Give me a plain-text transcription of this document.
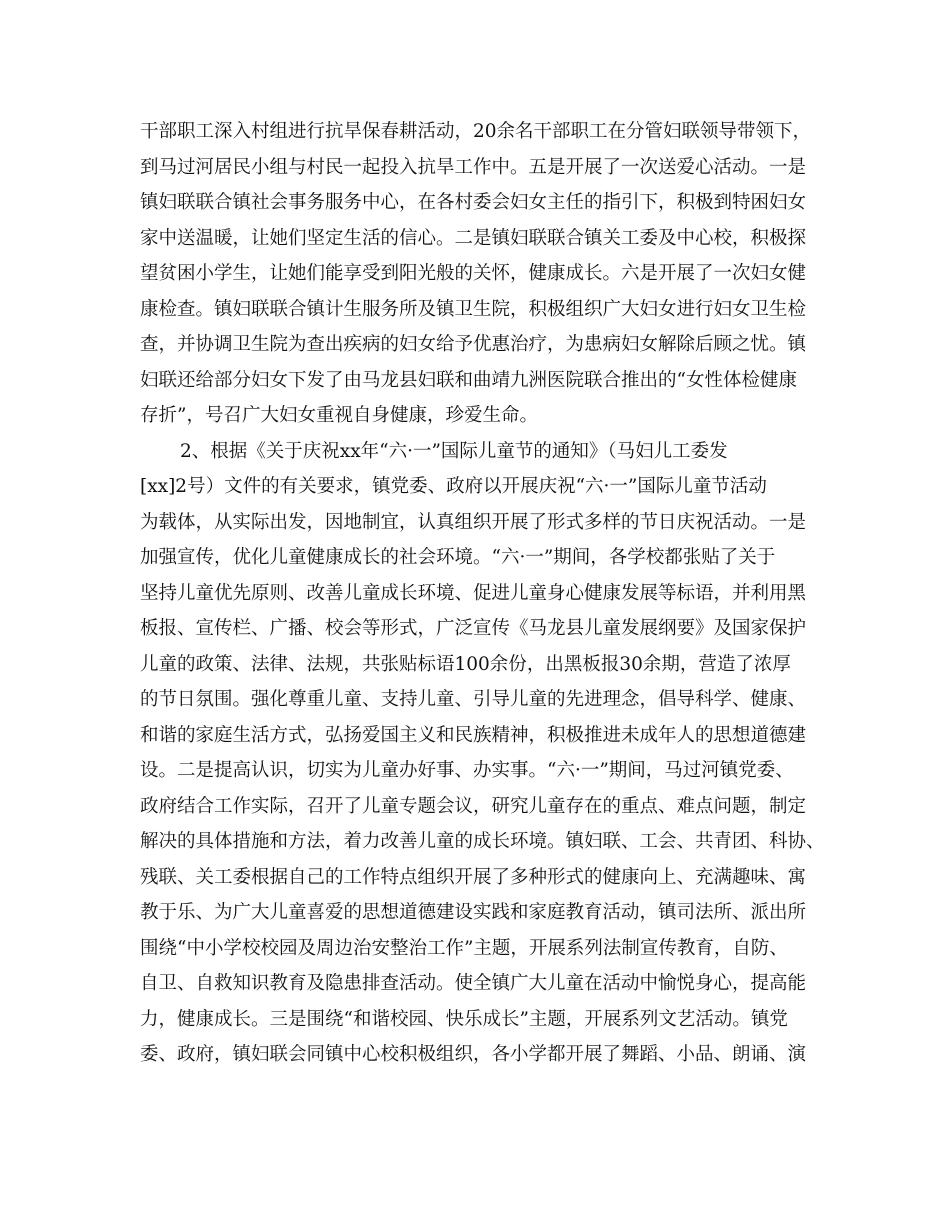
干部职工深入村组进行抗旱保春耕活动，20余名干部职工在分管妇联领导带领下，
到马过河居民小组与村民一起投入抗旱工作中。五是开展了一次送爱心活动。一是
镇妇联联合镇社会事务服务中心，在各村委会妇女主任的指引下，积极到特困妇女
家中送温暖，让她们坚定生活的信心。二是镇妇联联合镇关工委及中心校，积极探
望贫困小学生，让她们能享受到阳光般的关怀，健康成长。六是开展了一次妇女健
康检查。镇妇联联合镇计生服务所及镇卫生院，积极组织广大妇女进行妇女卫生检
查，并协调卫生院为查出疾病的妇女给予优惠治疗，为患病妇女解除后顾之忧。镇
妇联还给部分妇女下发了由马龙县妇联和曲靖九洲医院联合推出的“女性体检健康
存折”，号召广大妇女重视自身健康，珍爱生命。
2、根据《关于庆祝xx年“六·一”国际儿童节的通知》（马妇儿工委发
[xx]2号）文件的有关要求，镇党委、政府以开展庆祝“六·一”国际儿童节活动
为载体，从实际出发，因地制宜，认真组织开展了形式多样的节日庆祝活动。一是
加强宣传，优化儿童健康成长的社会环境。“六·一”期间，各学校都张贴了关于
坚持儿童优先原则、改善儿童成长环境、促进儿童身心健康发展等标语，并利用黑
板报、宣传栏、广播、校会等形式，广泛宣传《马龙县儿童发展纲要》及国家保护
儿童的政策、法律、法规，共张贴标语100余份，出黑板报30余期，营造了浓厚
的节日氛围。强化尊重儿童、支持儿童、引导儿童的先进理念，倡导科学、健康、
和谐的家庭生活方式，弘扬爱国主义和民族精神，积极推进未成年人的思想道德建
设。二是提高认识，切实为儿童办好事、办实事。“六·一”期间，马过河镇党委、
政府结合工作实际，召开了儿童专题会议，研究儿童存在的重点、难点问题，制定
解决的具体措施和方法，着力改善儿童的成长环境。镇妇联、工会、共青团、科协、
残联、关工委根据自己的工作特点组织开展了多种形式的健康向上、充满趣味、寓
教于乐、为广大儿童喜爱的思想道德建设实践和家庭教育活动，镇司法所、派出所
围绕“中小学校校园及周边治安整治工作”主题，开展系列法制宣传教育，自防、
自卫、自救知识教育及隐患排查活动。使全镇广大儿童在活动中愉悦身心，提高能
力，健康成长。三是围绕“和谐校园、快乐成长”主题，开展系列文艺活动。镇党
委、政府，镇妇联会同镇中心校积极组织，各小学都开展了舞蹈、小品、朗诵、演
